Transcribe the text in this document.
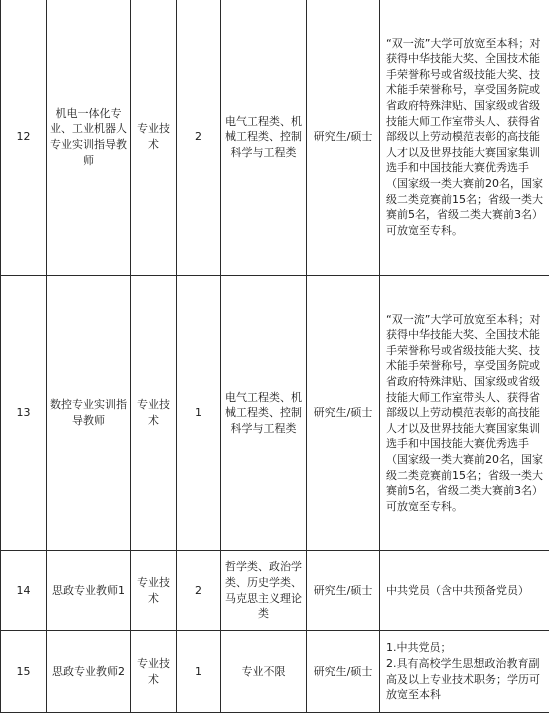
12	机电一体化专业、工业机器人专业实训指导教师	专业技术	2	电气工程类、机械工程类、控制科学与工程类	研究生/硕士	“双一流”大学可放宽至本科；对获得中华技能大奖、全国技术能手荣誉称号或省级技能大奖、技术能手荣誉称号，享受国务院或省政府特殊津贴、国家级或省级技能大师工作室带头人、获得省部级以上劳动模范表彰的高技能人才以及世界技能大赛国家集训选手和中国技能大赛优秀选手（国家级一类大赛前20名，国家级二类竞赛前15名；省级一类大赛前5名，省级二类大赛前3名）可放宽至专科。
13	数控专业实训指导教师	专业技术	1	电气工程类、机械工程类、控制科学与工程类	研究生/硕士	“双一流”大学可放宽至本科；对获得中华技能大奖、全国技术能手荣誉称号或省级技能大奖、技术能手荣誉称号，享受国务院或省政府特殊津贴、国家级或省级技能大师工作室带头人、获得省部级以上劳动模范表彰的高技能人才以及世界技能大赛国家集训选手和中国技能大赛优秀选手（国家级一类大赛前20名，国家级二类竞赛前15名；省级一类大赛前5名，省级二类大赛前3名）可放宽至专科。
14	思政专业教师1	专业技术	2	哲学类、政治学类、历史学类、马克思主义理论类	研究生/硕士	中共党员（含中共预备党员）
15	思政专业教师2	专业技术	1	专业不限	研究生/硕士	1.中共党员；
2.具有高校学生思想政治教育副高及以上专业技术职务；学历可放宽至本科
